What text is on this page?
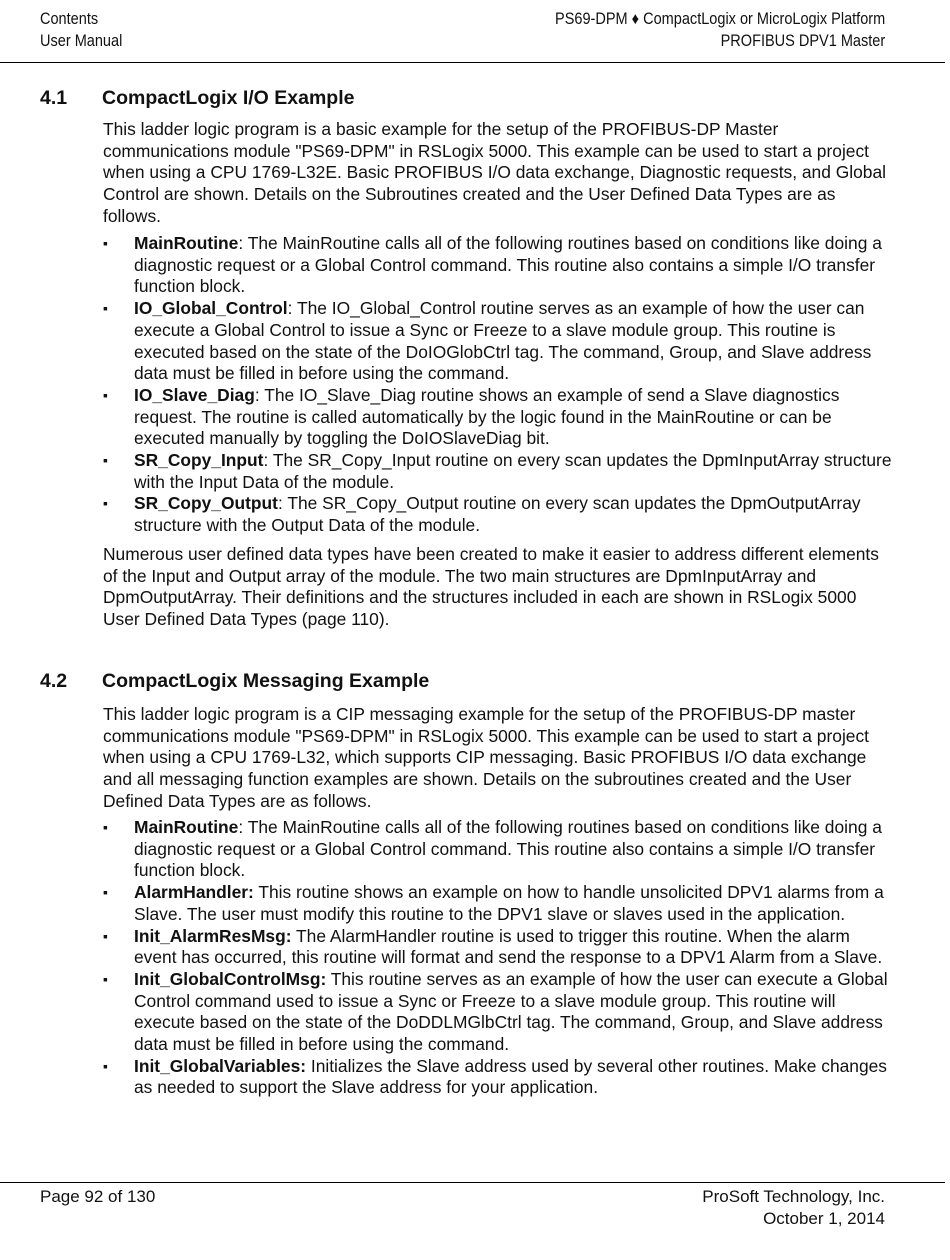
Contents
User Manual
PS69-DPM ♦ CompactLogix or MicroLogix Platform
PROFIBUS DPV1 Master
4.1 CompactLogix I/O Example

This ladder logic program is a basic example for the setup of the PROFIBUS-DP Master communications module "PS69-DPM" in RSLogix 5000. This example can be used to start a project when using a CPU 1769-L32E. Basic PROFIBUS I/O data exchange, Diagnostic requests, and Global Control are shown. Details on the Subroutines created and the User Defined Data Types are as follows.

▪ MainRoutine: The MainRoutine calls all of the following routines based on conditions like doing a diagnostic request or a Global Control command. This routine also contains a simple I/O transfer function block.
▪ IO_Global_Control: The IO_Global_Control routine serves as an example of how the user can execute a Global Control to issue a Sync or Freeze to a slave module group. This routine is executed based on the state of the DoIOGlobCtrl tag. The command, Group, and Slave address data must be filled in before using the command.
▪ IO_Slave_Diag: The IO_Slave_Diag routine shows an example of send a Slave diagnostics request. The routine is called automatically by the logic found in the MainRoutine or can be executed manually by toggling the DoIOSlaveDiag bit.
▪ SR_Copy_Input: The SR_Copy_Input routine on every scan updates the DpmInputArray structure with the Input Data of the module.
▪ SR_Copy_Output: The SR_Copy_Output routine on every scan updates the DpmOutputArray structure with the Output Data of the module.

Numerous user defined data types have been created to make it easier to address different elements of the Input and Output array of the module. The two main structures are DpmInputArray and DpmOutputArray. Their definitions and the structures included in each are shown in RSLogix 5000 User Defined Data Types (page 110).

4.2 CompactLogix Messaging Example

This ladder logic program is a CIP messaging example for the setup of the PROFIBUS-DP master communications module "PS69-DPM" in RSLogix 5000. This example can be used to start a project when using a CPU 1769-L32, which supports CIP messaging. Basic PROFIBUS I/O data exchange and all messaging function examples are shown. Details on the subroutines created and the User Defined Data Types are as follows.

▪ MainRoutine: The MainRoutine calls all of the following routines based on conditions like doing a diagnostic request or a Global Control command. This routine also contains a simple I/O transfer function block.
▪ AlarmHandler: This routine shows an example on how to handle unsolicited DPV1 alarms from a Slave. The user must modify this routine to the DPV1 slave or slaves used in the application.
▪ Init_AlarmResMsg: The AlarmHandler routine is used to trigger this routine. When the alarm event has occurred, this routine will format and send the response to a DPV1 Alarm from a Slave.
▪ Init_GlobalControlMsg: This routine serves as an example of how the user can execute a Global Control command used to issue a Sync or Freeze to a slave module group. This routine will execute based on the state of the DoDDLMGlbCtrl tag. The command, Group, and Slave address data must be filled in before using the command.
▪ Init_GlobalVariables: Initializes the Slave address used by several other routines. Make changes as needed to support the Slave address for your application.
Page 92 of 130	ProSoft Technology, Inc.
October 1, 2014
